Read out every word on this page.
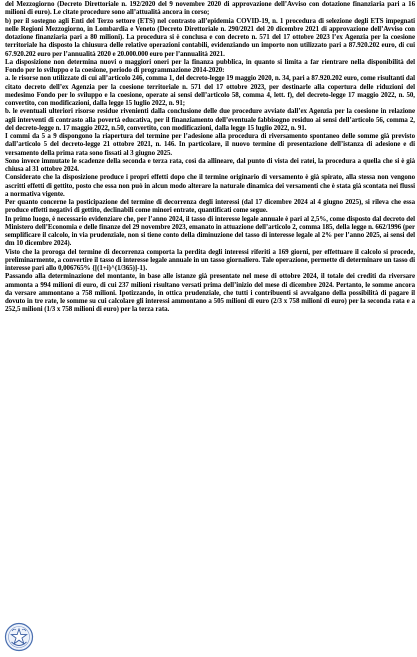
del Mezzogiorno (Decreto Direttoriale n. 192/2020 del 9 novembre 2020 di approvazione dell’Avviso con dotazione finanziaria pari a 16 milioni di euro). Le citate procedure sono all’attualità ancora in corso;

b) per il sostegno agli Enti del Terzo settore (ETS) nel contrasto all’epidemia COVID-19, n. 1 procedura di selezione degli ETS impegnati nelle Regioni Mezzogiorno, in Lombardia e Veneto (Decreto Direttoriale n. 290/2021 del 20 dicembre 2021 di approvazione dell’Avviso con dotazione finanziaria pari a 80 milioni). La procedura si è conclusa e con decreto n. 571 del 17 ottobre 2023 l’ex Agenzia per la coesione territoriale ha disposto la chiusura delle relative operazioni contabili, evidenziando un importo non utilizzato pari a 87.920.202 euro, di cui 67.920.202 euro per l’annualità 2020 e 20.000.000 euro per l’annualità 2021.

La disposizione non determina nuovi o maggiori oneri per la finanza pubblica, in quanto si limita a far rientrare nella disponibilità del Fondo per lo sviluppo e la coesione, periodo di programmazione 2014-2020:

a. le risorse non utilizzate di cui all’articolo 246, comma 1, del decreto-legge 19 maggio 2020, n. 34, pari a 87.920.202 euro, come risultanti dal citato decreto dell’ex Agenzia per la coesione territoriale n. 571 del 17 ottobre 2023, per destinarle alla copertura delle riduzioni del medesimo Fondo per lo sviluppo e la coesione, operate ai sensi dell’articolo 58, comma 4, lett. f), del decreto-legge 17 maggio 2022, n. 50, convertito, con modificazioni, dalla legge 15 luglio 2022, n. 91;

b. le eventuali ulteriori risorse residue rivenienti dalla conclusione delle due procedure avviate dall’ex Agenzia per la coesione in relazione agli interventi di contrasto alla povertà educativa, per il finanziamento dell’eventuale fabbisogno residuo ai sensi dell’articolo 56, comma 2, del decreto-legge n. 17 maggio 2022, n.50, convertito, con modificazioni, dalla legge 15 luglio 2022, n. 91.

I commi da 5 a 9 dispongono la riapertura del termine per l’adesione alla procedura di riversamento spontaneo delle somme già previsto dall’articolo 5 del decreto-legge 21 ottobre 2021, n. 146. In particolare, il nuovo termine di presentazione dell’istanza di adesione e di versamento della prima rata sono fissati al 3 giugno 2025.

Sono invece immutate le scadenze della seconda e terza rata, così da allineare, dal punto di vista dei ratei, la procedura a quella che si è già chiusa al 31 ottobre 2024.

Considerato che la disposizione produce i propri effetti dopo che il termine originario di versamento è già spirato, alla stessa non vengono ascritti effetti di gettito, posto che essa non può in alcun modo alterare la naturale dinamica dei versamenti che è stata già scontata nei flussi a normativa vigente.

Per quanto concerne la posticipazione del termine di decorrenza degli interessi (dal 17 dicembre 2024 al 4 giugno 2025), si rileva che essa produce effetti negativi di gettito, declinabili come minori entrate, quantificati come segue.

In primo luogo, è necessario evidenziare che, per l’anno 2024, il tasso di interesse legale annuale è pari al 2,5%, come disposto dal decreto del Ministero dell’Economia e delle finanze del 29 novembre 2023, emanato in attuazione dell’articolo 2, comma 185, della legge n. 662/1996 (per semplificare il calcolo, in via prudenziale, non si tiene conto della diminuzione del tasso di interesse legale al 2% per l’anno 2025, ai sensi del dm 10 dicembre 2024).

Visto che la proroga del termine di decorrenza comporta la perdita degli interessi riferiti a 169 giorni, per effettuare il calcolo si procede, preliminarmente, a convertire il tasso di interesse legale annuale in un tasso giornaliero. Tale operazione, permette di determinare un tasso di interesse pari allo 0,006765% {[(1+i)^(1/365)]-1}.

Passando alla determinazione del montante, in base alle istanze già presentate nel mese di ottobre 2024, il totale dei crediti da riversare ammonta a 994 milioni di euro, di cui 237 milioni risultano versati prima dell’inizio del mese di dicembre 2024. Pertanto, le somme ancora da versare ammontano a 758 milioni. Ipotizzando, in ottica prudenziale, che tutti i contribuenti si avvalgano della possibilità di pagare il dovuto in tre rate, le somme su cui calcolare gli interessi ammontano a 505 milioni di euro (2/3 x 758 milioni di euro) per la seconda rata e a 252,5 milioni (1/3 x 758 milioni di euro) per la terza rata.
